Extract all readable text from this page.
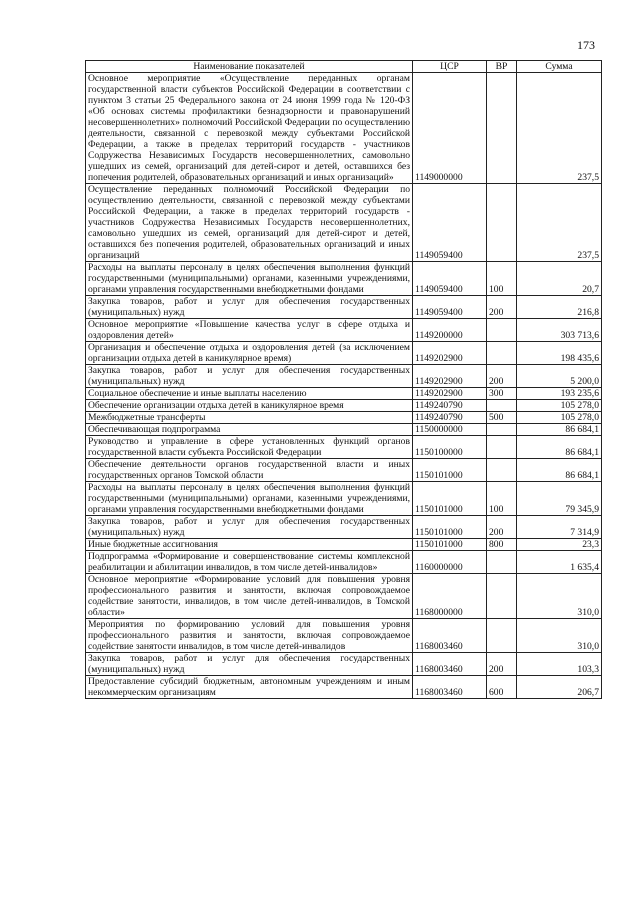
173
Наименование показателей	ЦСР	ВР	Сумма
Основное мероприятие «Осуществление переданных органам государственной власти субъектов Российской Федерации в соответствии с пунктом 3 статьи 25 Федерального закона от 24 июня 1999 года № 120-ФЗ «Об основах системы профилактики безнадзорности и правонарушений несовершеннолетних» полномочий Российской Федерации по осуществлению деятельности, связанной с перевозкой между субъектами Российской Федерации, а также в пределах территорий государств - участников Содружества Независимых Государств несовершеннолетних, самовольно ушедших из семей, организаций для детей-сирот и детей, оставшихся без попечения родителей, образовательных организаций и иных организаций»	1149000000		237,5
Осуществление переданных полномочий Российской Федерации по осуществлению деятельности, связанной с перевозкой между субъектами Российской Федерации, а также в пределах территорий государств - участников Содружества Независимых Государств несовершеннолетних, самовольно ушедших из семей, организаций для детей-сирот и детей, оставшихся без попечения родителей, образовательных организаций и иных организаций	1149059400		237,5
Расходы на выплаты персоналу в целях обеспечения выполнения функций государственными (муниципальными) органами, казенными учреждениями, органами управления государственными внебюджетными фондами	1149059400	100	20,7
Закупка товаров, работ и услуг для обеспечения государственных (муниципальных) нужд	1149059400	200	216,8
Основное мероприятие «Повышение качества услуг в сфере отдыха и оздоровления детей»	1149200000		303 713,6
Организация и обеспечение отдыха и оздоровления детей (за исключением организации отдыха детей в каникулярное время)	1149202900		198 435,6
Закупка товаров, работ и услуг для обеспечения государственных (муниципальных) нужд	1149202900	200	5 200,0
Социальное обеспечение и иные выплаты населению	1149202900	300	193 235,6
Обеспечение организации отдыха детей в каникулярное время	1149240790		105 278,0
Межбюджетные трансферты	1149240790	500	105 278,0
Обеспечивающая подпрограмма	1150000000		86 684,1
Руководство и управление в сфере установленных функций органов государственной власти субъекта Российской Федерации	1150100000		86 684,1
Обеспечение деятельности органов государственной власти и иных государственных органов Томской области	1150101000		86 684,1
Расходы на выплаты персоналу в целях обеспечения выполнения функций государственными (муниципальными) органами, казенными учреждениями, органами управления государственными внебюджетными фондами	1150101000	100	79 345,9
Закупка товаров, работ и услуг для обеспечения государственных (муниципальных) нужд	1150101000	200	7 314,9
Иные бюджетные ассигнования	1150101000	800	23,3
Подпрограмма «Формирование и совершенствование системы комплексной реабилитации и абилитации инвалидов, в том числе детей-инвалидов»	1160000000		1 635,4
Основное мероприятие «Формирование условий для повышения уровня профессионального развития и занятости, включая сопровождаемое содействие занятости, инвалидов, в том числе детей-инвалидов, в Томской области»	1168000000		310,0
Мероприятия по формированию условий для повышения уровня профессионального развития и занятости, включая сопровождаемое содействие занятости инвалидов, в том числе детей-инвалидов	1168003460		310,0
Закупка товаров, работ и услуг для обеспечения государственных (муниципальных) нужд	1168003460	200	103,3
Предоставление субсидий бюджетным, автономным учреждениям и иным некоммерческим организациям	1168003460	600	206,7
